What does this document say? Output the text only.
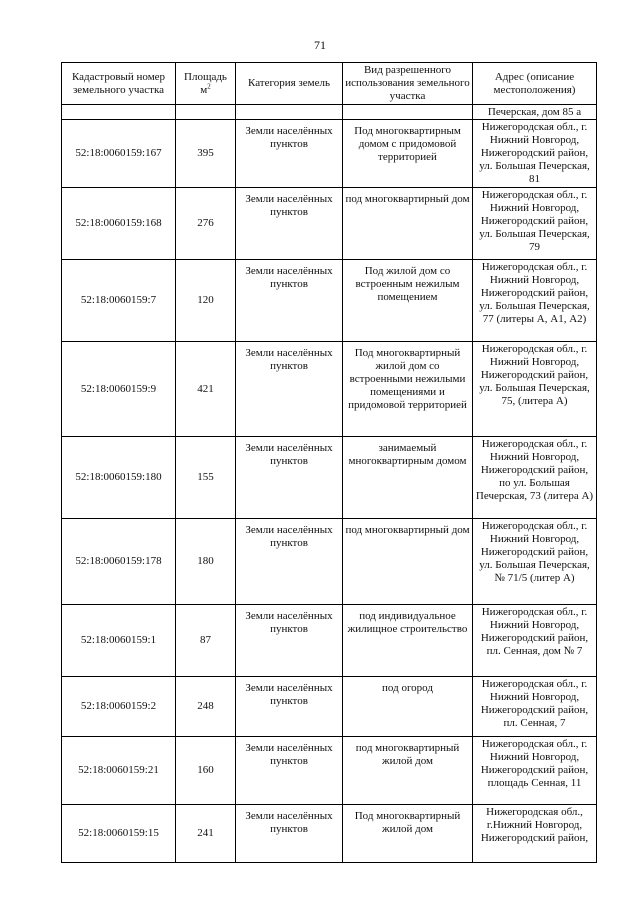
71
Кадастровый номер земельного участка	Площадь $м^2$	Категория земель	Вид разрешенного использования земельного участка	Адрес (описание местоположения)
				Печерская, дом 85 а
52:18:0060159:167	395	Земли населённых пунктов	Под многоквартирным домом с придомовой территорией	Нижегородская обл., г. Нижний Новгород, Нижегородский район, ул. Большая Печерская, 81
52:18:0060159:168	276	Земли населённых пунктов	под многоквартирный дом	Нижегородская обл., г. Нижний Новгород, Нижегородский район, ул. Большая Печерская, 79
52:18:0060159:7	120	Земли населённых пунктов	Под жилой дом со встроенным нежилым помещением	Нижегородская обл., г. Нижний Новгород, Нижегородский район, ул. Большая Печерская, 77 (литеры А, А1, А2)
52:18:0060159:9	421	Земли населённых пунктов	Под многоквартирный жилой дом со встроенными нежилыми помещениями и придомовой территорией	Нижегородская обл., г. Нижний Новгород, Нижегородский район, ул. Большая Печерская, 75, (литера А)
52:18:0060159:180	155	Земли населённых пунктов	занимаемый многоквартирным домом	Нижегородская обл., г. Нижний Новгород, Нижегородский район, по ул. Большая Печерская, 73 (литера А)
52:18:0060159:178	180	Земли населённых пунктов	под многоквартирный дом	Нижегородская обл., г. Нижний Новгород, Нижегородский район, ул. Большая Печерская, № 71/5 (литер А)
52:18:0060159:1	87	Земли населённых пунктов	под индивидуальное жилищное строительство	Нижегородская обл., г. Нижний Новгород, Нижегородский район, пл. Сенная, дом № 7
52:18:0060159:2	248	Земли населённых пунктов	под огород	Нижегородская обл., г. Нижний Новгород, Нижегородский район, пл. Сенная, 7
52:18:0060159:21	160	Земли населённых пунктов	под многоквартирный жилой дом	Нижегородская обл., г. Нижний Новгород, Нижегородский район, площадь Сенная, 11
52:18:0060159:15	241	Земли населённых пунктов	Под многоквартирный жилой дом	Нижегородская обл., г.Нижний Новгород, Нижегородский район,
